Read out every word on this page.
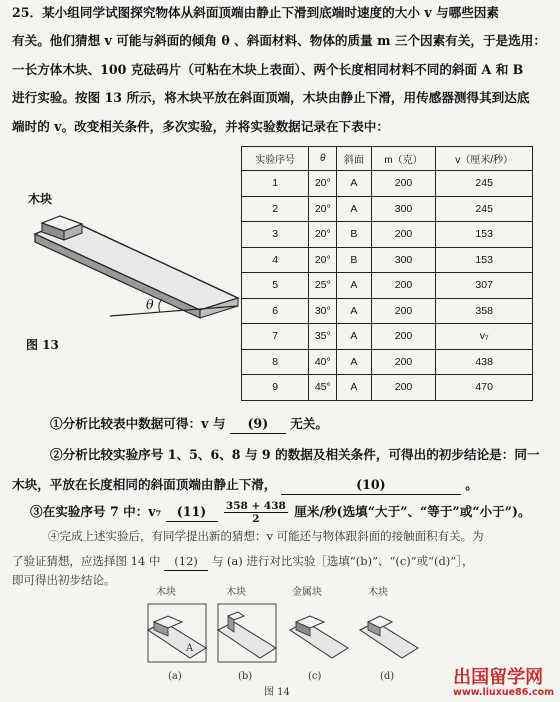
25．某小组同学试图探究物体从斜面顶端由静止下滑到底端时速度的大小 v 与哪些因素
有关。他们猜想 v 可能与斜面的倾角 θ 、斜面材料、物体的质量 m 三个因素有关，于是选用：
一长方体木块、100 克砝码片（可粘在木块上表面）、两个长度相同材料不同的斜面 A 和 B
进行实验。按图 13 所示，将木块平放在斜面顶端，木块由静止下滑，用传感器测得其到达底
端时的 v。改变相关条件，多次实验，并将实验数据记录在下表中：
木块
θ
图 13
实验序号	θ	斜面	m（克）	v（厘米/秒）
1	20°	A	200	245
2	20°	A	300	245
3	20°	B	200	153
4	20°	B	300	153
5	25°	A	200	307
6	30°	A	200	358
7	35°	A	200	v₇
8	40°	A	200	438
9	45°	A	200	470
①分析比较表中数据可得：v 与 (9) 无关。
②分析比较实验序号 1、5、6、8 与 9 的数据及相关条件，可得出的初步结论是：同一
木块，平放在长度相同的斜面顶端由静止下滑，	(10)	。
③在实验序号 7 中：v₇ $(11) \frac{358 + 438}{2}$ 厘米/秒(选填“大于”、“等于”或“小于”)。
④完成上述实验后，有同学提出新的猜想：v 可能还与物体跟斜面的接触面积有关。为
了验证猜想，应选择图 14 中 (12) 与 (a) 进行对比实验［选填“(b)”、“(c)”或“(d)”］，
即可得出初步结论。
木块	木块	金属块	木块
A
(a)	(b)	(c)	(d)
图 14
出国留学网
www.liuxue86.com
